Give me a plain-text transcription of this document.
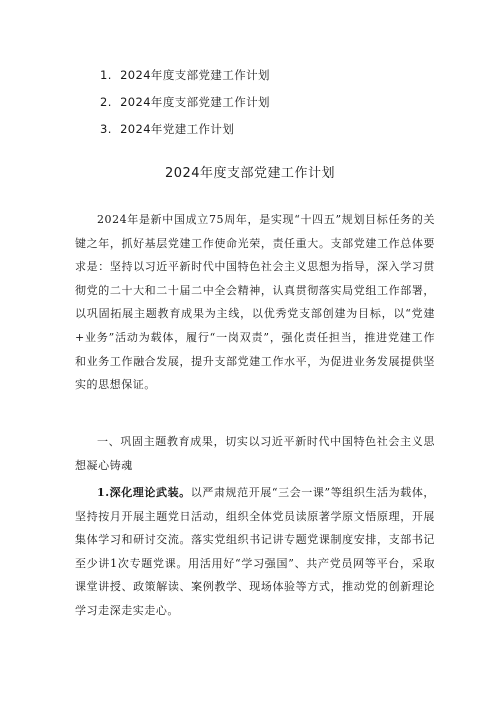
1. 2024年度支部党建工作计划
2. 2024年度支部党建工作计划
3. 2024年党建工作计划
2024年度支部党建工作计划

2024年是新中国成立75周年，是实现“十四五”规划目标任务的关键之年，抓好基层党建工作使命光荣，责任重大。支部党建工作总体要求是：坚持以习近平新时代中国特色社会主义思想为指导，深入学习贯彻党的二十大和二十届二中全会精神，认真贯彻落实局党组工作部署，以巩固拓展主题教育成果为主线，以优秀党支部创建为目标，以“党建+业务”活动为载体，履行“一岗双责”，强化责任担当，推进党建工作和业务工作融合发展，提升支部党建工作水平，为促进业务发展提供坚实的思想保证。

一、巩固主题教育成果，切实以习近平新时代中国特色社会主义思想凝心铸魂

1.深化理论武装。以严肃规范开展“三会一课”等组织生活为载体，坚持按月开展主题党日活动，组织全体党员读原著学原文悟原理，开展集体学习和研讨交流。落实党组织书记讲专题党课制度安排，支部书记至少讲1次专题党课。用活用好“学习强国”、共产党员网等平台，采取课堂讲授、政策解读、案例教学、现场体验等方式，推动党的创新理论学习走深走实走心。
